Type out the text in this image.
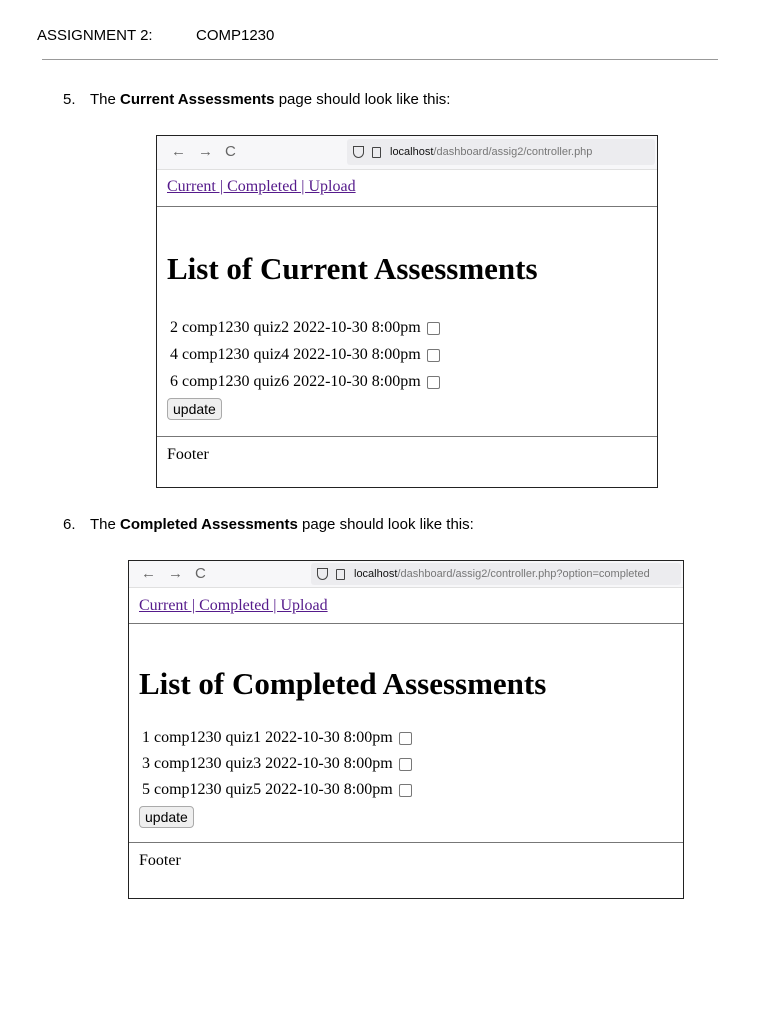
ASSIGNMENT 2:	COMP1230
5. The Current Assessments page should look like this:
← → C	localhost/dashboard/assig2/controller.php
Current | Completed | Upload
List of Current Assessments
2 comp1230 quiz2 2022-10-30 8:00pm
4 comp1230 quiz4 2022-10-30 8:00pm
6 comp1230 quiz6 2022-10-30 8:00pm
update
Footer
6. The Completed Assessments page should look like this:
← → C	localhost/dashboard/assig2/controller.php?option=completed
Current | Completed | Upload
List of Completed Assessments
1 comp1230 quiz1 2022-10-30 8:00pm
3 comp1230 quiz3 2022-10-30 8:00pm
5 comp1230 quiz5 2022-10-30 8:00pm
update
Footer
